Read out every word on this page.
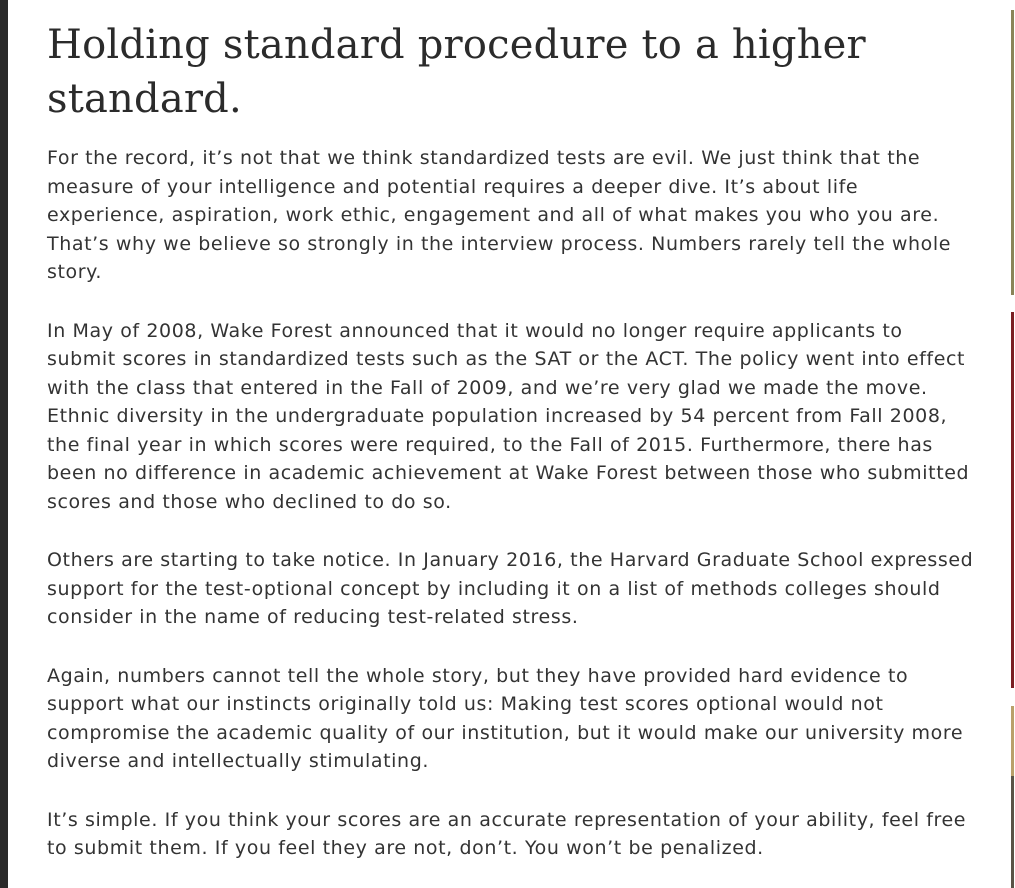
Holding standard procedure to a higher standard.

For the record, it’s not that we think standardized tests are evil. We just think that the measure of your intelligence and potential requires a deeper dive. It’s about life experience, aspiration, work ethic, engagement and all of what makes you who you are. That’s why we believe so strongly in the interview process. Numbers rarely tell the whole story.

In May of 2008, Wake Forest announced that it would no longer require applicants to submit scores in standardized tests such as the SAT or the ACT. The policy went into effect with the class that entered in the Fall of 2009, and we’re very glad we made the move. Ethnic diversity in the undergraduate population increased by 54 percent from Fall 2008, the final year in which scores were required, to the Fall of 2015. Furthermore, there has been no difference in academic achievement at Wake Forest between those who submitted scores and those who declined to do so.

Others are starting to take notice. In January 2016, the Harvard Graduate School expressed support for the test-optional concept by including it on a list of methods colleges should consider in the name of reducing test-related stress.

Again, numbers cannot tell the whole story, but they have provided hard evidence to support what our instincts originally told us: Making test scores optional would not compromise the academic quality of our institution, but it would make our university more diverse and intellectually stimulating.

It’s simple. If you think your scores are an accurate representation of your ability, feel free to submit them. If you feel they are not, don’t. You won’t be penalized.
